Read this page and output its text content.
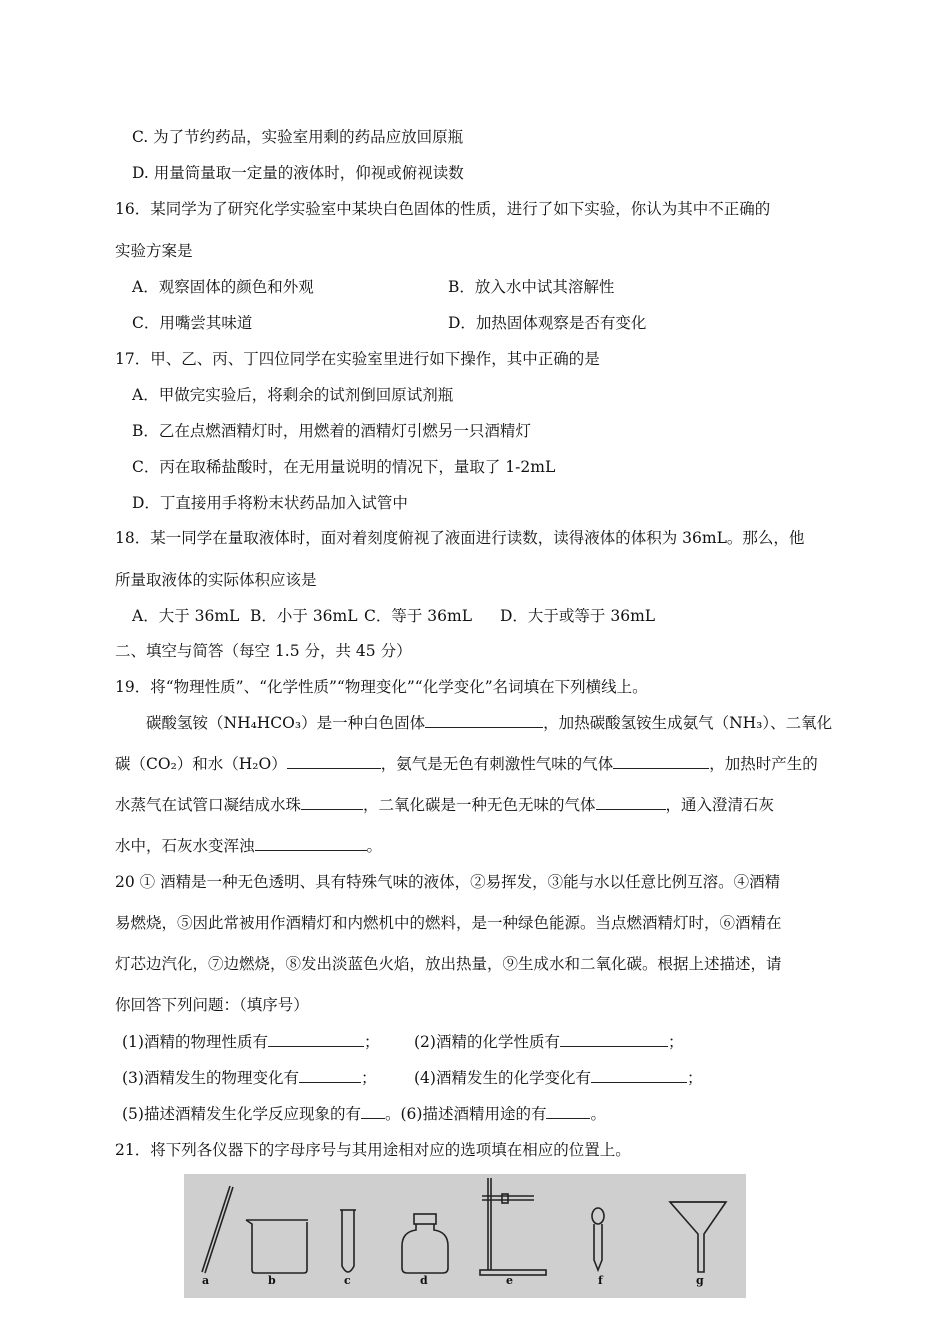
C. 为了节约药品，实验室用剩的药品应放回原瓶
D. 用量筒量取一定量的液体时，仰视或俯视读数
16．某同学为了研究化学实验室中某块白色固体的性质，进行了如下实验，你认为其中不正确的
实验方案是
A．观察固体的颜色和外观	B．放入水中试其溶解性
C．用嘴尝其味道	D．加热固体观察是否有变化
17．甲、乙、丙、丁四位同学在实验室里进行如下操作，其中正确的是
A．甲做完实验后，将剩余的试剂倒回原试剂瓶
B．乙在点燃酒精灯时，用燃着的酒精灯引燃另一只酒精灯
C．丙在取稀盐酸时，在无用量说明的情况下，量取了 1-2mL
D．丁直接用手将粉末状药品加入试管中
18．某一同学在量取液体时，面对着刻度俯视了液面进行读数，读得液体的体积为 36mL。那么，他
所量取液体的实际体积应该是
A．大于 36mL B．小于 36mL C．等于 36mL D．大于或等于 36mL
二、填空与简答（每空 1.5 分，共 45 分）
19．将“物理性质”、“化学性质”“物理变化”“化学变化”名词填在下列横线上。
碳酸氢铵（NH₄HCO₃）是一种白色固体	，加热碳酸氢铵生成氨气（NH₃）、二氧化
碳（CO₂）和水（H₂O）	，氨气是无色有刺激性气味的气体	，加热时产生的
水蒸气在试管口凝结成水珠	，二氧化碳是一种无色无味的气体	，通入澄清石灰
水中，石灰水变浑浊	。
20 ① 酒精是一种无色透明、具有特殊气味的液体，②易挥发，③能与水以任意比例互溶。④酒精
易燃烧，⑤因此常被用作酒精灯和内燃机中的燃料，是一种绿色能源。当点燃酒精灯时，⑥酒精在
灯芯边汽化，⑦边燃烧，⑧发出淡蓝色火焰，放出热量，⑨生成水和二氧化碳。根据上述描述，请
你回答下列问题：（填序号）
(1)酒精的物理性质有	； (2)酒精的化学性质有	；
(3)酒精发生的物理变化有	； (4)酒精发生的化学变化有	；
(5)描述酒精发生化学反应现象的有 。(6)描述酒精用途的有	。
21．将下列各仪器下的字母序号与其用途相对应的选项填在相应的位置上。
a	b	c	d	e	f	g
